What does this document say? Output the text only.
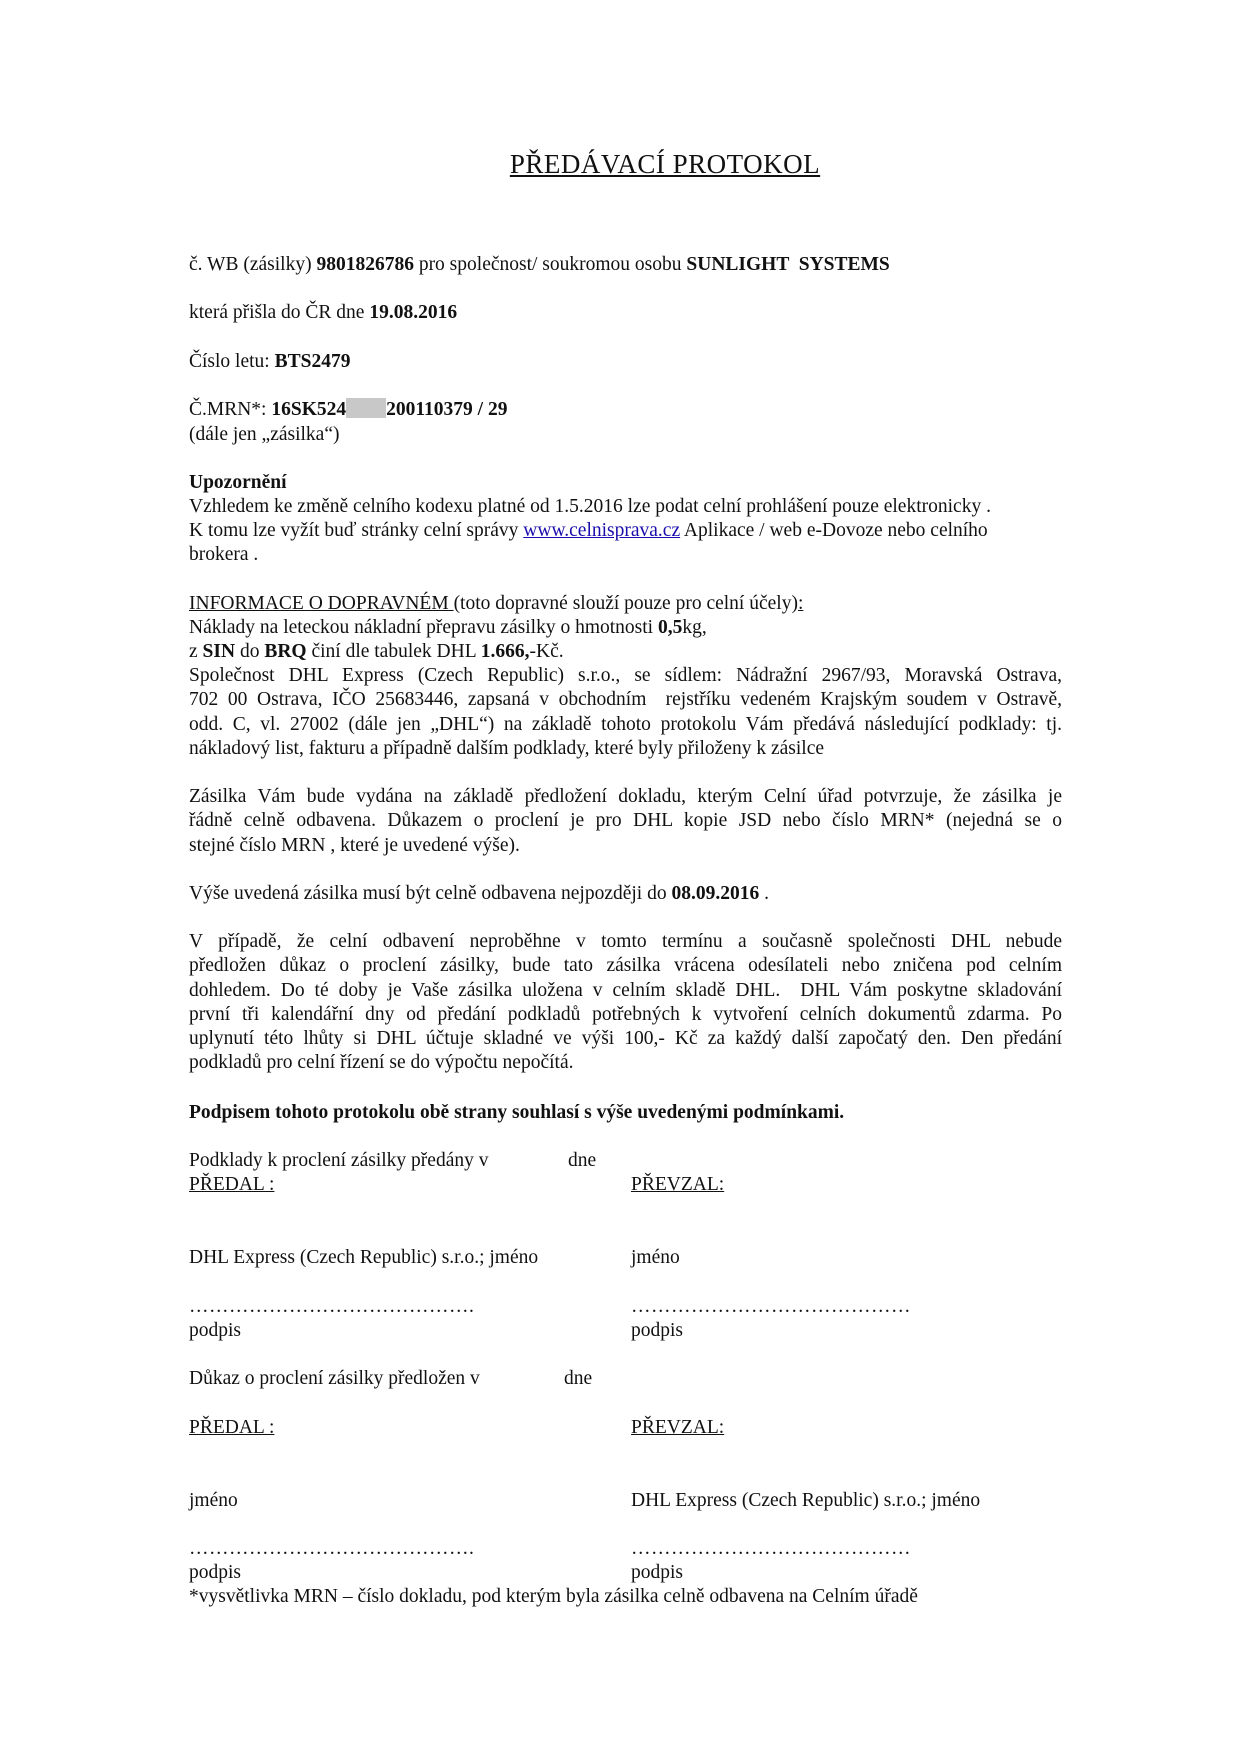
PŘEDÁVACÍ PROTOKOL
č. WB (zásilky) 9801826786 pro společnost/ soukromou osobu SUNLIGHT  SYSTEMS
která přišla do ČR dne 19.08.2016
Číslo letu: BTS2479
Č.MRN*: 16SK524 200110379 / 29
(dále jen „zásilka“)
Upozornění
Vzhledem ke změně celního kodexu platné od 1.5.2016 lze podat celní prohlášení pouze elektronicky .
K tomu lze vyžít buď stránky celní správy www.celnisprava.cz Aplikace / web e-Dovoze nebo celního
brokera .
INFORMACE O DOPRAVNÉM (toto dopravné slouží pouze pro celní účely):
Náklady na leteckou nákladní přepravu zásilky o hmotnosti 0,5kg,
z SIN do BRQ činí dle tabulek DHL 1.666,-Kč.
Společnost DHL Express (Czech Republic) s.r.o., se sídlem: Nádražní 2967/93, Moravská Ostrava,
702 00 Ostrava, IČO 25683446, zapsaná v obchodním  rejstříku vedeném Krajským soudem v Ostravě,
odd. C, vl. 27002 (dále jen „DHL“) na základě tohoto protokolu Vám předává následující podklady: tj.
nákladový list, fakturu a případně dalším podklady, které byly přiloženy k zásilce
Zásilka Vám bude vydána na základě předložení dokladu, kterým Celní úřad potvrzuje, že zásilka je
řádně celně odbavena. Důkazem o proclení je pro DHL kopie JSD nebo číslo MRN* (nejedná se o
stejné číslo MRN , které je uvedené výše).
Výše uvedená zásilka musí být celně odbavena nejpozději do 08.09.2016 .
V případě, že celní odbavení neproběhne v tomto termínu a současně společnosti DHL nebude
předložen důkaz o proclení zásilky, bude tato zásilka vrácena odesílateli nebo zničena pod celním
dohledem. Do té doby je Vaše zásilka uložena v celním skladě DHL.  DHL Vám poskytne skladování
první tři kalendářní dny od předání podkladů potřebných k vytvoření celních dokumentů zdarma. Po
uplynutí této lhůty si DHL účtuje skladné ve výši 100,- Kč za každý další započatý den. Den předání
podkladů pro celní řízení se do výpočtu nepočítá.
Podpisem tohoto protokolu obě strany souhlasí s výše uvedenými podmínkami.
Podklady k proclení zásilky předány v	dne
PŘEDAL :	PŘEVZAL:
DHL Express (Czech Republic) s.r.o.; jméno	jméno
…………………………………….	……………………………………
podpis	podpis
Důkaz o proclení zásilky předložen v	dne
PŘEDAL :	PŘEVZAL:
jméno	DHL Express (Czech Republic) s.r.o.; jméno
…………………………………….	……………………………………
podpis	podpis
*vysvětlivka MRN – číslo dokladu, pod kterým byla zásilka celně odbavena na Celním úřadě
